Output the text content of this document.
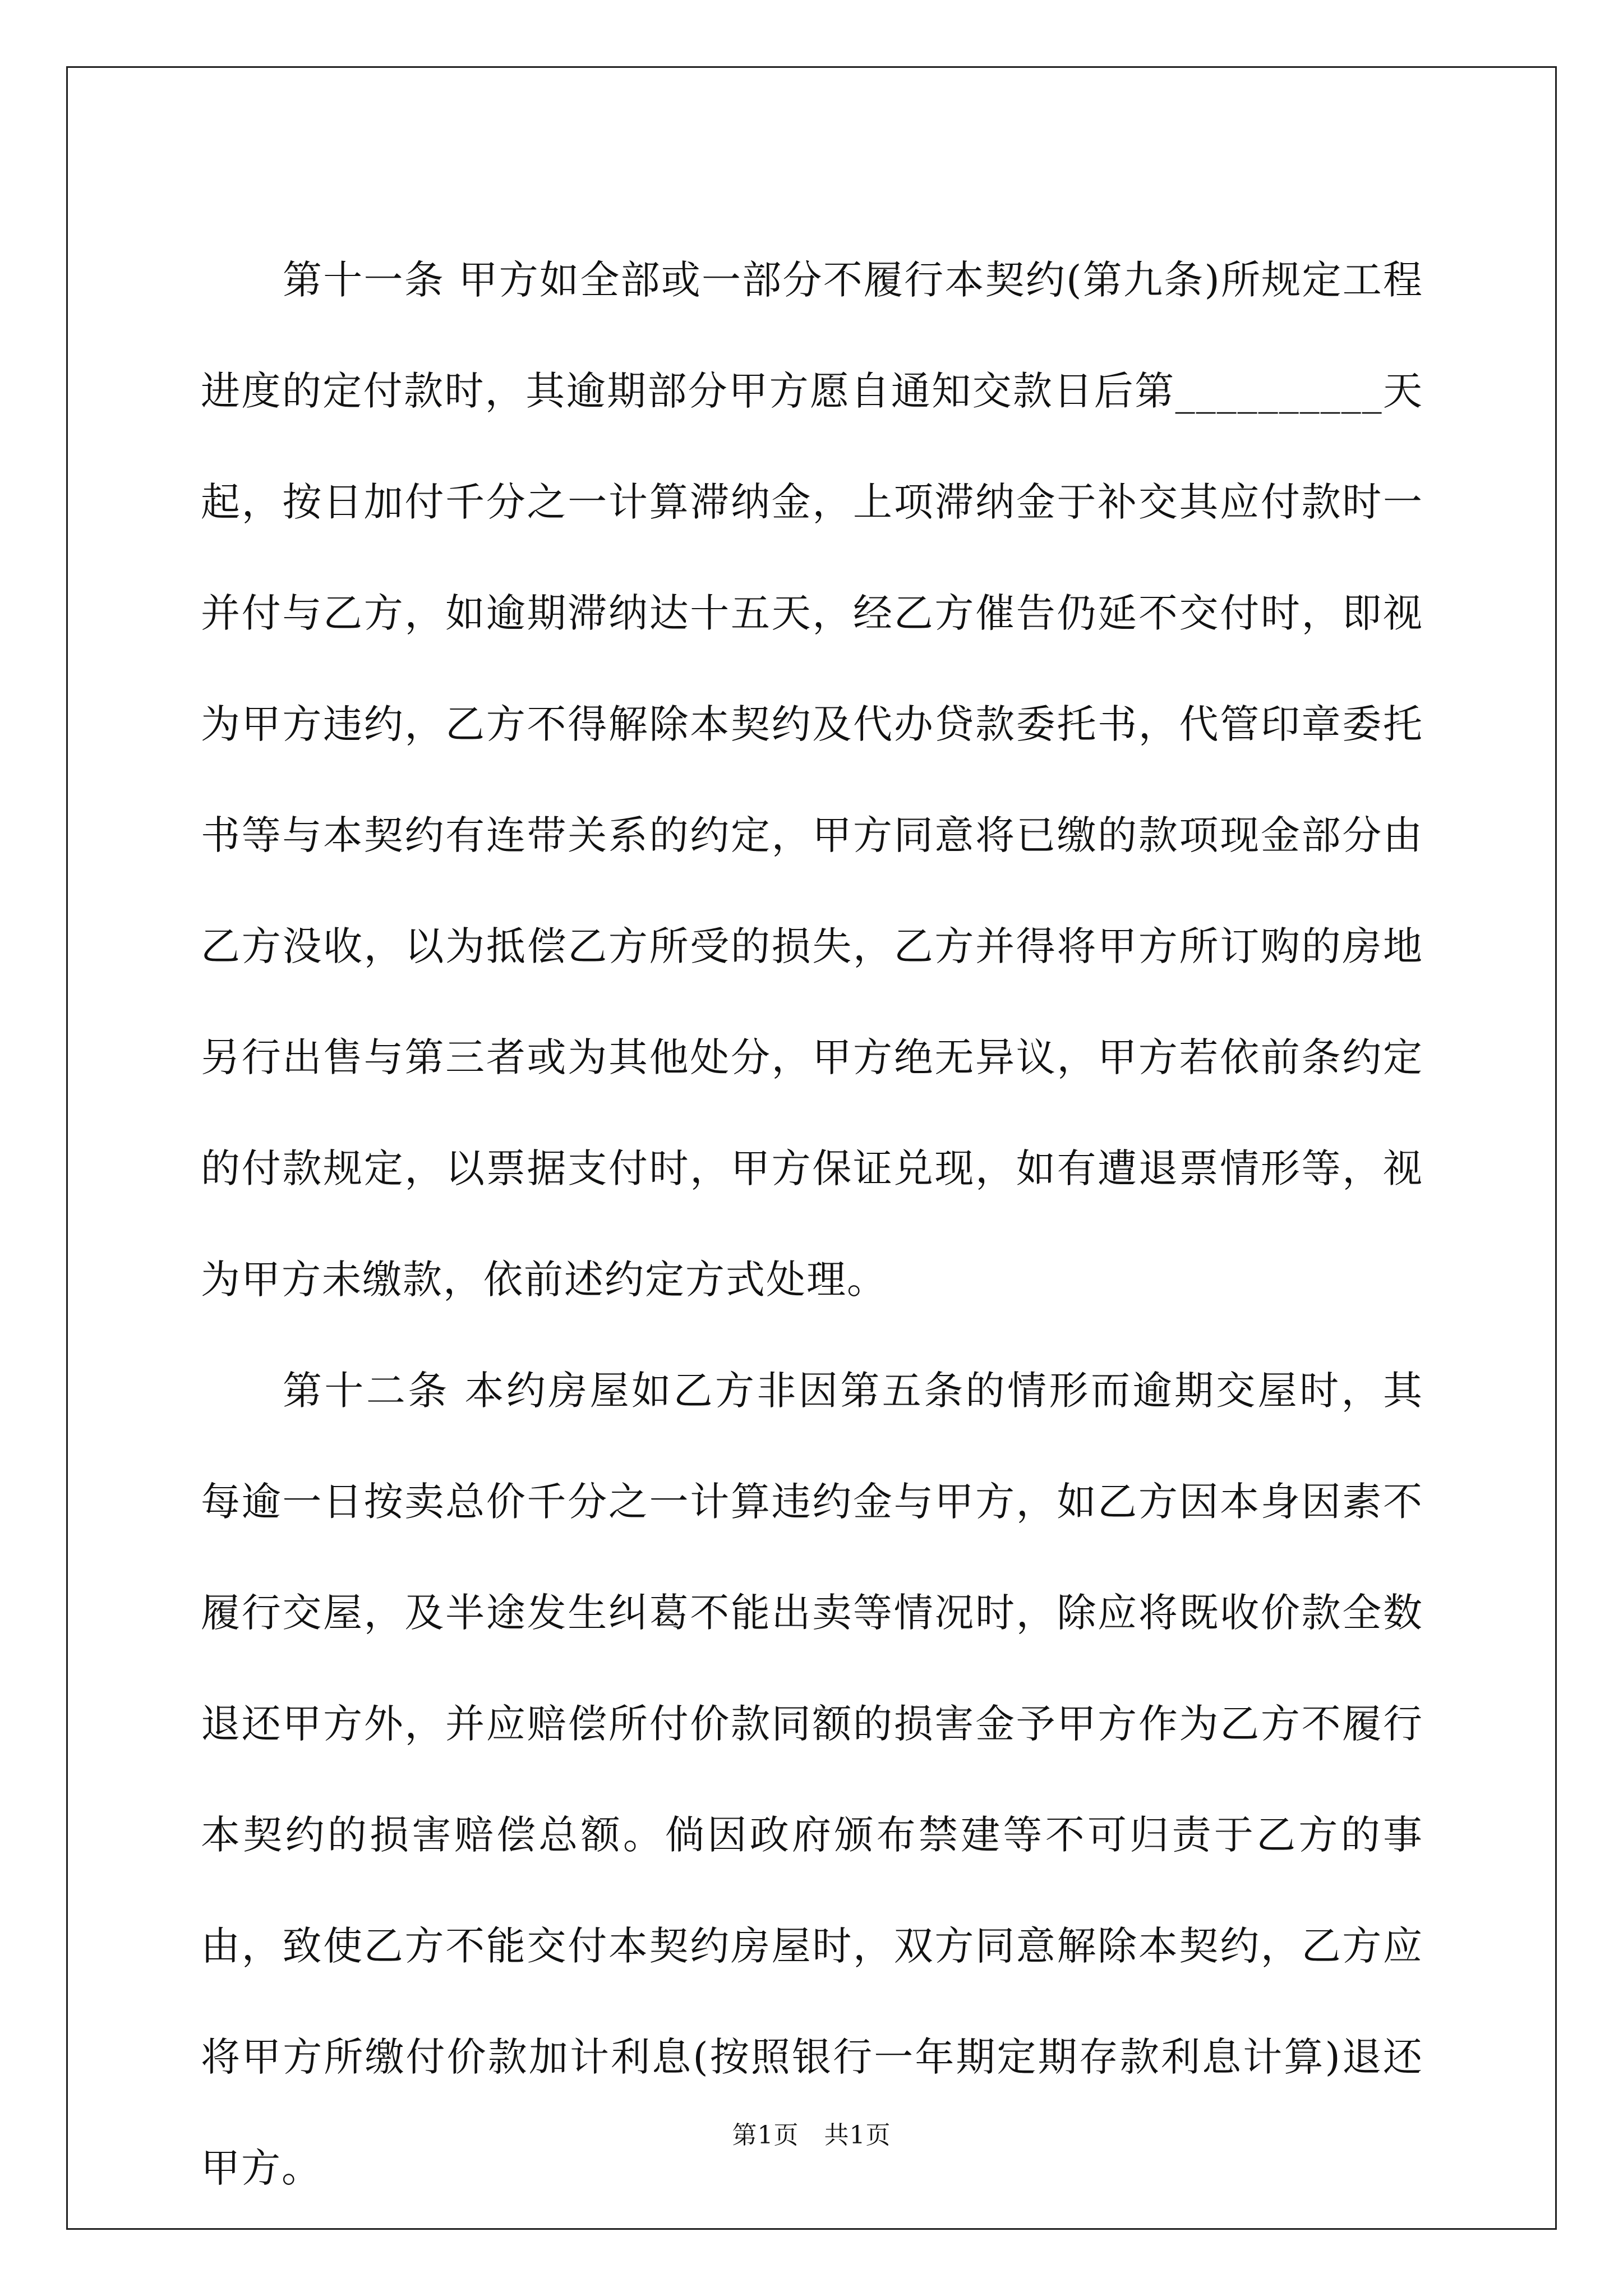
第十一条 甲方如全部或一部分不履行本契约(第九条)所规定工程进度的定付款时，其逾期部分甲方愿自通知交款日后第__________天起，按日加付千分之一计算滞纳金，上项滞纳金于补交其应付款时一并付与乙方，如逾期滞纳达十五天，经乙方催告仍延不交付时，即视为甲方违约，乙方不得解除本契约及代办贷款委托书，代管印章委托书等与本契约有连带关系的约定，甲方同意将已缴的款项现金部分由乙方没收，以为抵偿乙方所受的损失，乙方并得将甲方所订购的房地另行出售与第三者或为其他处分，甲方绝无异议，甲方若依前条约定的付款规定，以票据支付时，甲方保证兑现，如有遭退票情形等，视为甲方未缴款，依前述约定方式处理。

第十二条 本约房屋如乙方非因第五条的情形而逾期交屋时，其每逾一日按卖总价千分之一计算违约金与甲方，如乙方因本身因素不履行交屋，及半途发生纠葛不能出卖等情况时，除应将既收价款全数退还甲方外，并应赔偿所付价款同额的损害金予甲方作为乙方不履行本契约的损害赔偿总额。倘因政府颁布禁建等不可归责于乙方的事由，致使乙方不能交付本契约房屋时，双方同意解除本契约，乙方应将甲方所缴付价款加计利息(按照银行一年期定期存款利息计算)退还甲方。

第1页　共1页
